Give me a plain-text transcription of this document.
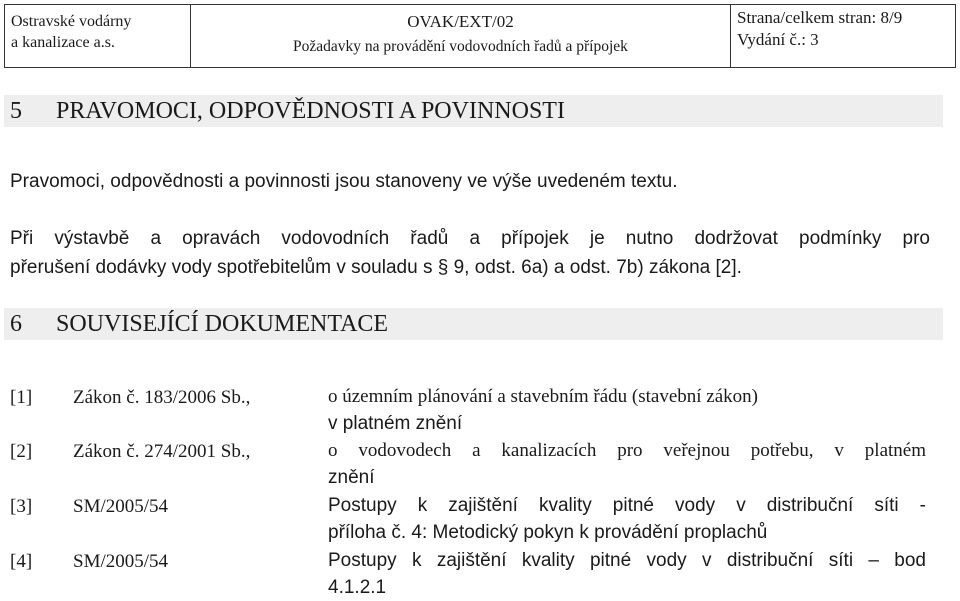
Ostravské vodárny
a kanalizace a.s.
OVAK/EXT/02
Požadavky na provádění vodovodních řadů a přípojek
Strana/celkem stran: 8/9
Vydání č.: 3
5 PRAVOMOCI, ODPOVĚDNOSTI A POVINNOSTI
Pravomoci, odpovědnosti a povinnosti jsou stanoveny ve výše uvedeném textu.
Při výstavbě a opravách vodovodních řadů a přípojek je nutno dodržovat podmínky pro
přerušení dodávky vody spotřebitelům v souladu s § 9, odst. 6a) a odst. 7b) zákona [2].
6 SOUVISEJÍCÍ DOKUMENTACE
[1] Zákon č. 183/2006 Sb.,	o územním plánování a stavebním řádu (stavební zákon)
v platném znění
[2] Zákon č. 274/2001 Sb.,	o vodovodech a kanalizacích pro veřejnou potřebu, v platném
znění
[3] SM/2005/54	Postupy k zajištění kvality pitné vody v distribuční síti -
příloha č. 4: Metodický pokyn k provádění proplachů
[4] SM/2005/54	Postupy k zajištění kvality pitné vody v distribuční síti – bod
4.1.2.1
